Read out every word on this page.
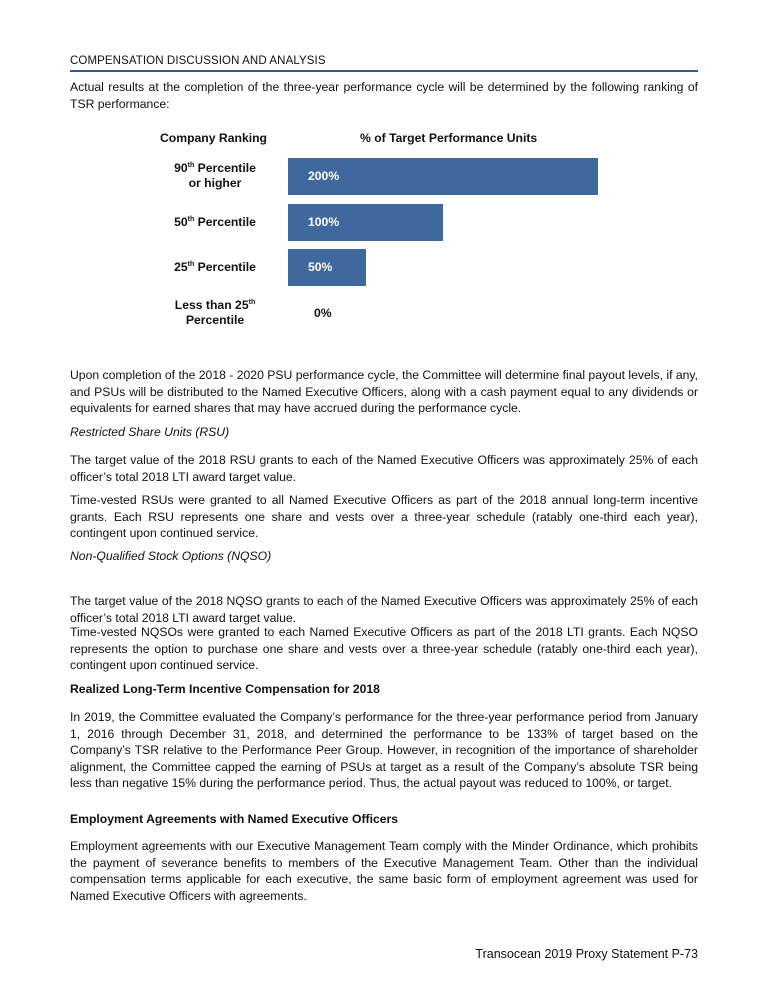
COMPENSATION DISCUSSION AND ANALYSIS

Actual results at the completion of the three-year performance cycle will be determined by the following ranking of TSR performance:

Company Ranking	% of Target Performance Units
90th Percentile
or higher	200%
50th Percentile	100%
25th Percentile	50%
Less than 25th
Percentile	0%

Upon completion of the 2018 - 2020 PSU performance cycle, the Committee will determine final payout levels, if any, and PSUs will be distributed to the Named Executive Officers, along with a cash payment equal to any dividends or equivalents for earned shares that may have accrued during the performance cycle.

Restricted Share Units (RSU)

The target value of the 2018 RSU grants to each of the Named Executive Officers was approximately 25% of each officer’s total 2018 LTI award target value.

Time-vested RSUs were granted to all Named Executive Officers as part of the 2018 annual long-term incentive grants. Each RSU represents one share and vests over a three-year schedule (ratably one-third each year), contingent upon continued service.

Non-Qualified Stock Options (NQSO)

The target value of the 2018 NQSO grants to each of the Named Executive Officers was approximately 25% of each officer’s total 2018 LTI award target value.

Time-vested NQSOs were granted to each Named Executive Officers as part of the 2018 LTI grants. Each NQSO represents the option to purchase one share and vests over a three-year schedule (ratably one-third each year), contingent upon continued service.

Realized Long-Term Incentive Compensation for 2018

In 2019, the Committee evaluated the Company’s performance for the three-year performance period from January 1, 2016 through December 31, 2018, and determined the performance to be 133% of target based on the Company’s TSR relative to the Performance Peer Group. However, in recognition of the importance of shareholder alignment, the Committee capped the earning of PSUs at target as a result of the Company’s absolute TSR being less than negative 15% during the performance period. Thus, the actual payout was reduced to 100%, or target.

Employment Agreements with Named Executive Officers

Employment agreements with our Executive Management Team comply with the Minder Ordinance, which prohibits the payment of severance benefits to members of the Executive Management Team. Other than the individual compensation terms applicable for each executive, the same basic form of employment agreement was used for Named Executive Officers with agreements.

Transocean 2019 Proxy Statement P-73
